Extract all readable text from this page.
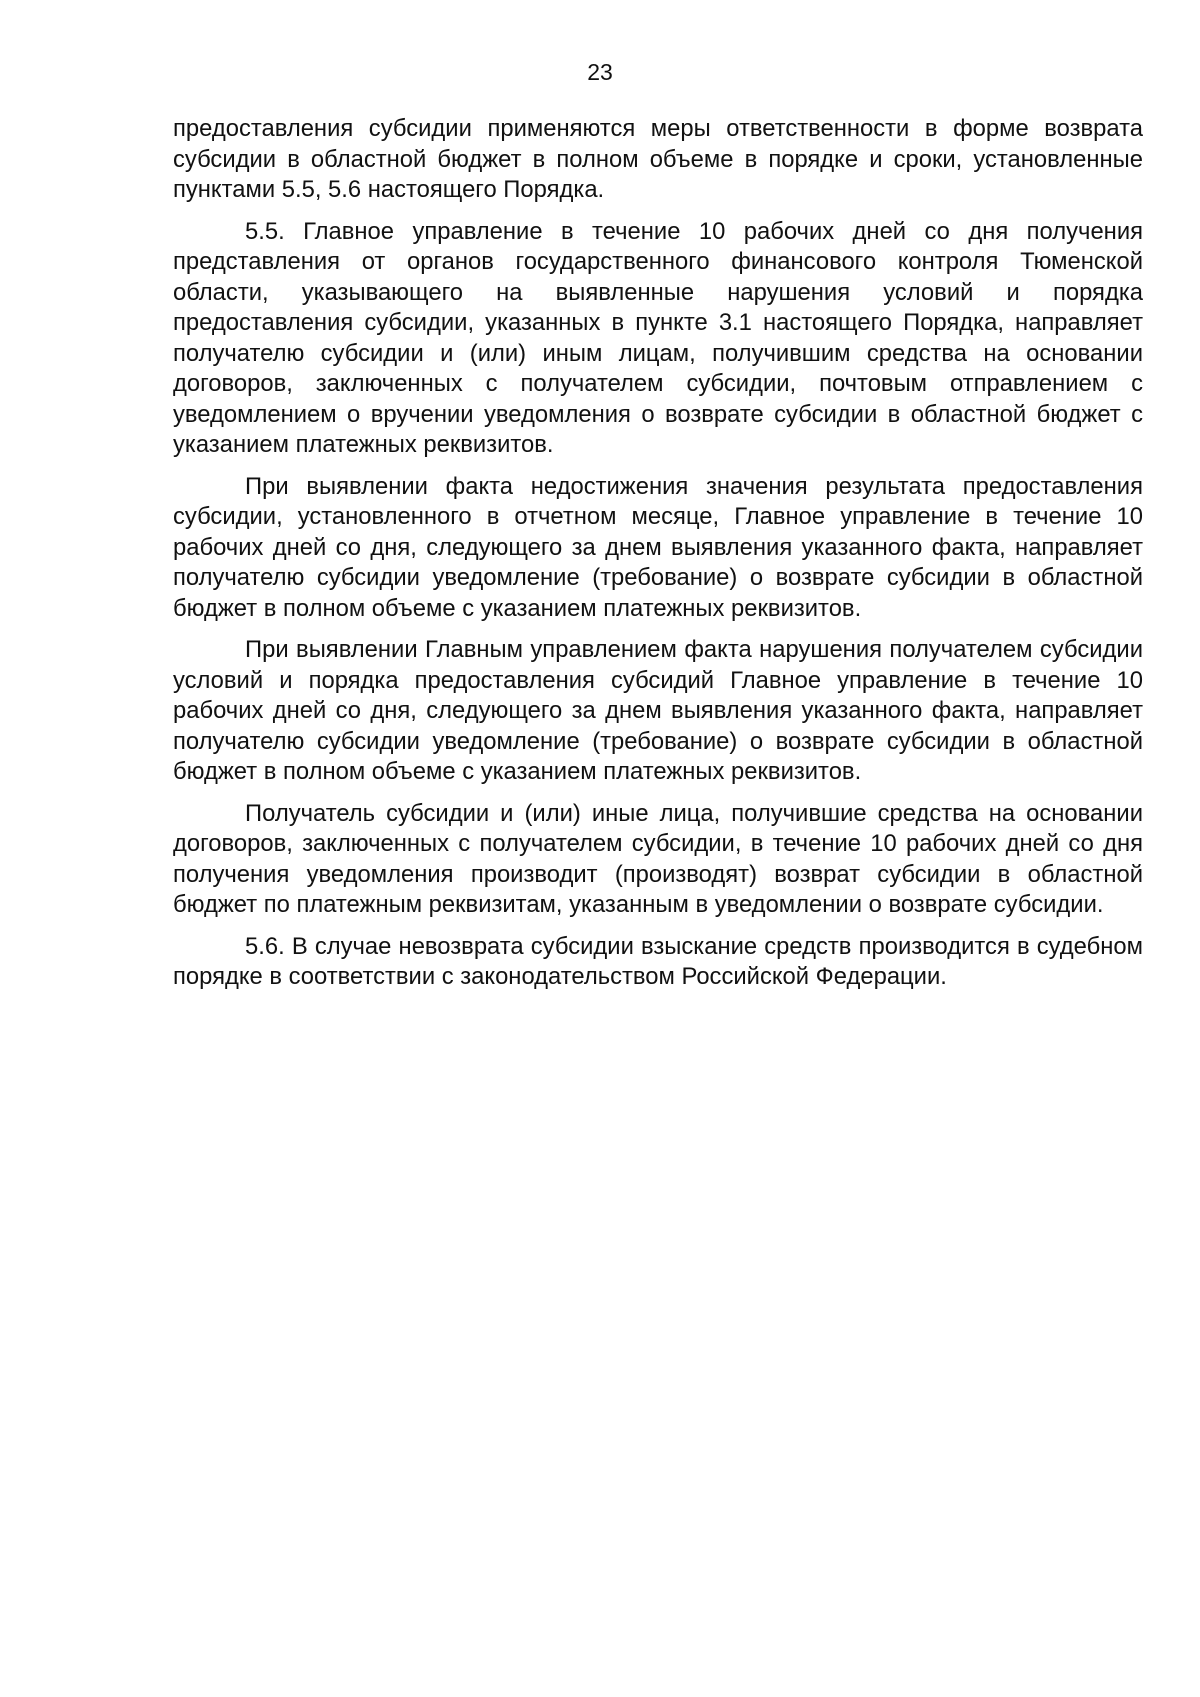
23

предоставления субсидии применяются меры ответственности в форме возврата субсидии в областной бюджет в полном объеме в порядке и сроки, установленные пунктами 5.5, 5.6 настоящего Порядка.

5.5. Главное управление в течение 10 рабочих дней со дня получения представления от органов государственного финансового контроля Тюменской области, указывающего на выявленные нарушения условий и порядка предоставления субсидии, указанных в пункте 3.1 настоящего Порядка, направляет получателю субсидии и (или) иным лицам, получившим средства на основании договоров, заключенных с получателем субсидии, почтовым отправлением с уведомлением о вручении уведомления о возврате субсидии в областной бюджет с указанием платежных реквизитов.

При выявлении факта недостижения значения результата предоставления субсидии, установленного в отчетном месяце, Главное управление в течение 10 рабочих дней со дня, следующего за днем выявления указанного факта, направляет получателю субсидии уведомление (требование) о возврате субсидии в областной бюджет в полном объеме с указанием платежных реквизитов.

При выявлении Главным управлением факта нарушения получателем субсидии условий и порядка предоставления субсидий Главное управление в течение 10 рабочих дней со дня, следующего за днем выявления указанного факта, направляет получателю субсидии уведомление (требование) о возврате субсидии в областной бюджет в полном объеме с указанием платежных реквизитов.

Получатель субсидии и (или) иные лица, получившие средства на основании договоров, заключенных с получателем субсидии, в течение 10 рабочих дней со дня получения уведомления производит (производят) возврат субсидии в областной бюджет по платежным реквизитам, указанным в уведомлении о возврате субсидии.

5.6. В случае невозврата субсидии взыскание средств производится в судебном порядке в соответствии с законодательством Российской Федерации.
